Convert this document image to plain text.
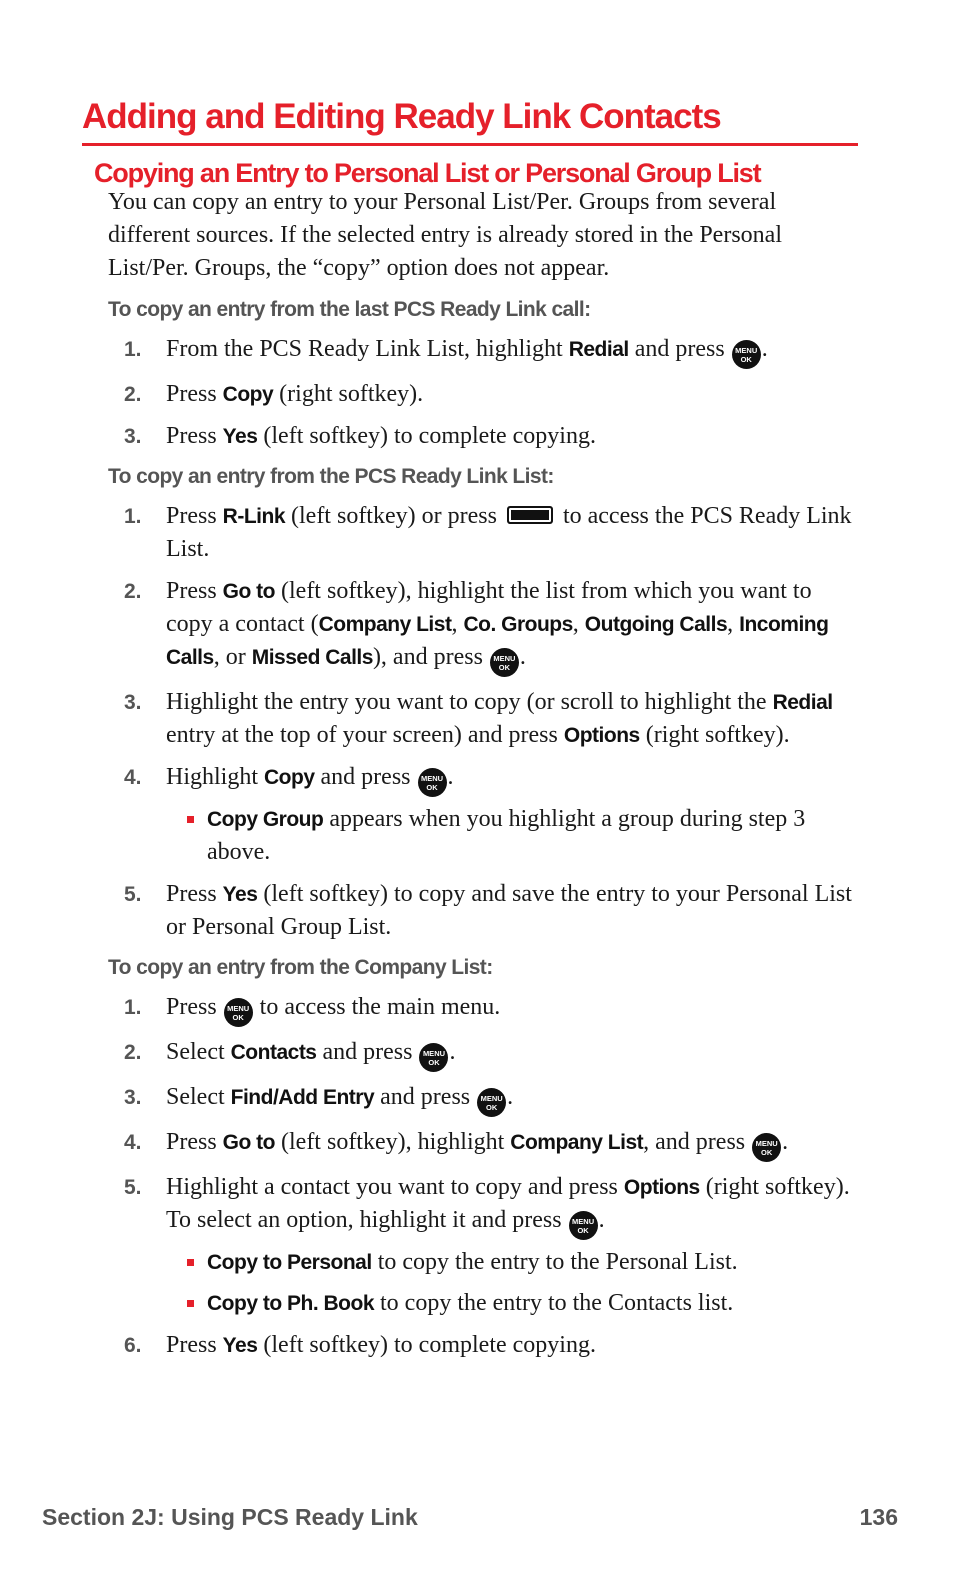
Adding and Editing Ready Link Contacts
Copying an Entry to Personal List or Personal Group List

You can copy an entry to your Personal List/Per. Groups from several different sources. If the selected entry is already stored in the Personal List/Per. Groups, the “copy” option does not appear.

To copy an entry from the last PCS Ready Link call:
1. From the PCS Ready Link List, highlight Redial and press MENU
OK .
2. Press Copy (right softkey).
3. Press Yes (left softkey) to complete copying.
To copy an entry from the PCS Ready Link List:
1. Press R-Link (left softkey) or press  to access the PCS Ready Link List.
2. Press Go to (left softkey), highlight the list from which you want to copy a contact (Company List, Co. Groups, Outgoing Calls, Incoming Calls, or Missed Calls), and press MENU
OK .
3. Highlight the entry you want to copy (or scroll to highlight the Redial entry at the top of your screen) and press Options (right softkey).
4. Highlight Copy and press MENU
OK .
Copy Group appears when you highlight a group during step 3 above.
5. Press Yes (left softkey) to copy and save the entry to your Personal List or Personal Group List.
To copy an entry from the Company List:
1. Press MENU
OK to access the main menu.
2. Select Contacts and press MENU
OK .
3. Select Find/Add Entry and press MENU
OK .
4. Press Go to (left softkey), highlight Company List, and press MENU
OK .
5. Highlight a contact you want to copy and press Options (right softkey). To select an option, highlight it and press MENU
OK .
Copy to Personal to copy the entry to the Personal List.
Copy to Ph. Book to copy the entry to the Contacts list.
6. Press Yes (left softkey) to complete copying.
Section 2J: Using PCS Ready Link	136
